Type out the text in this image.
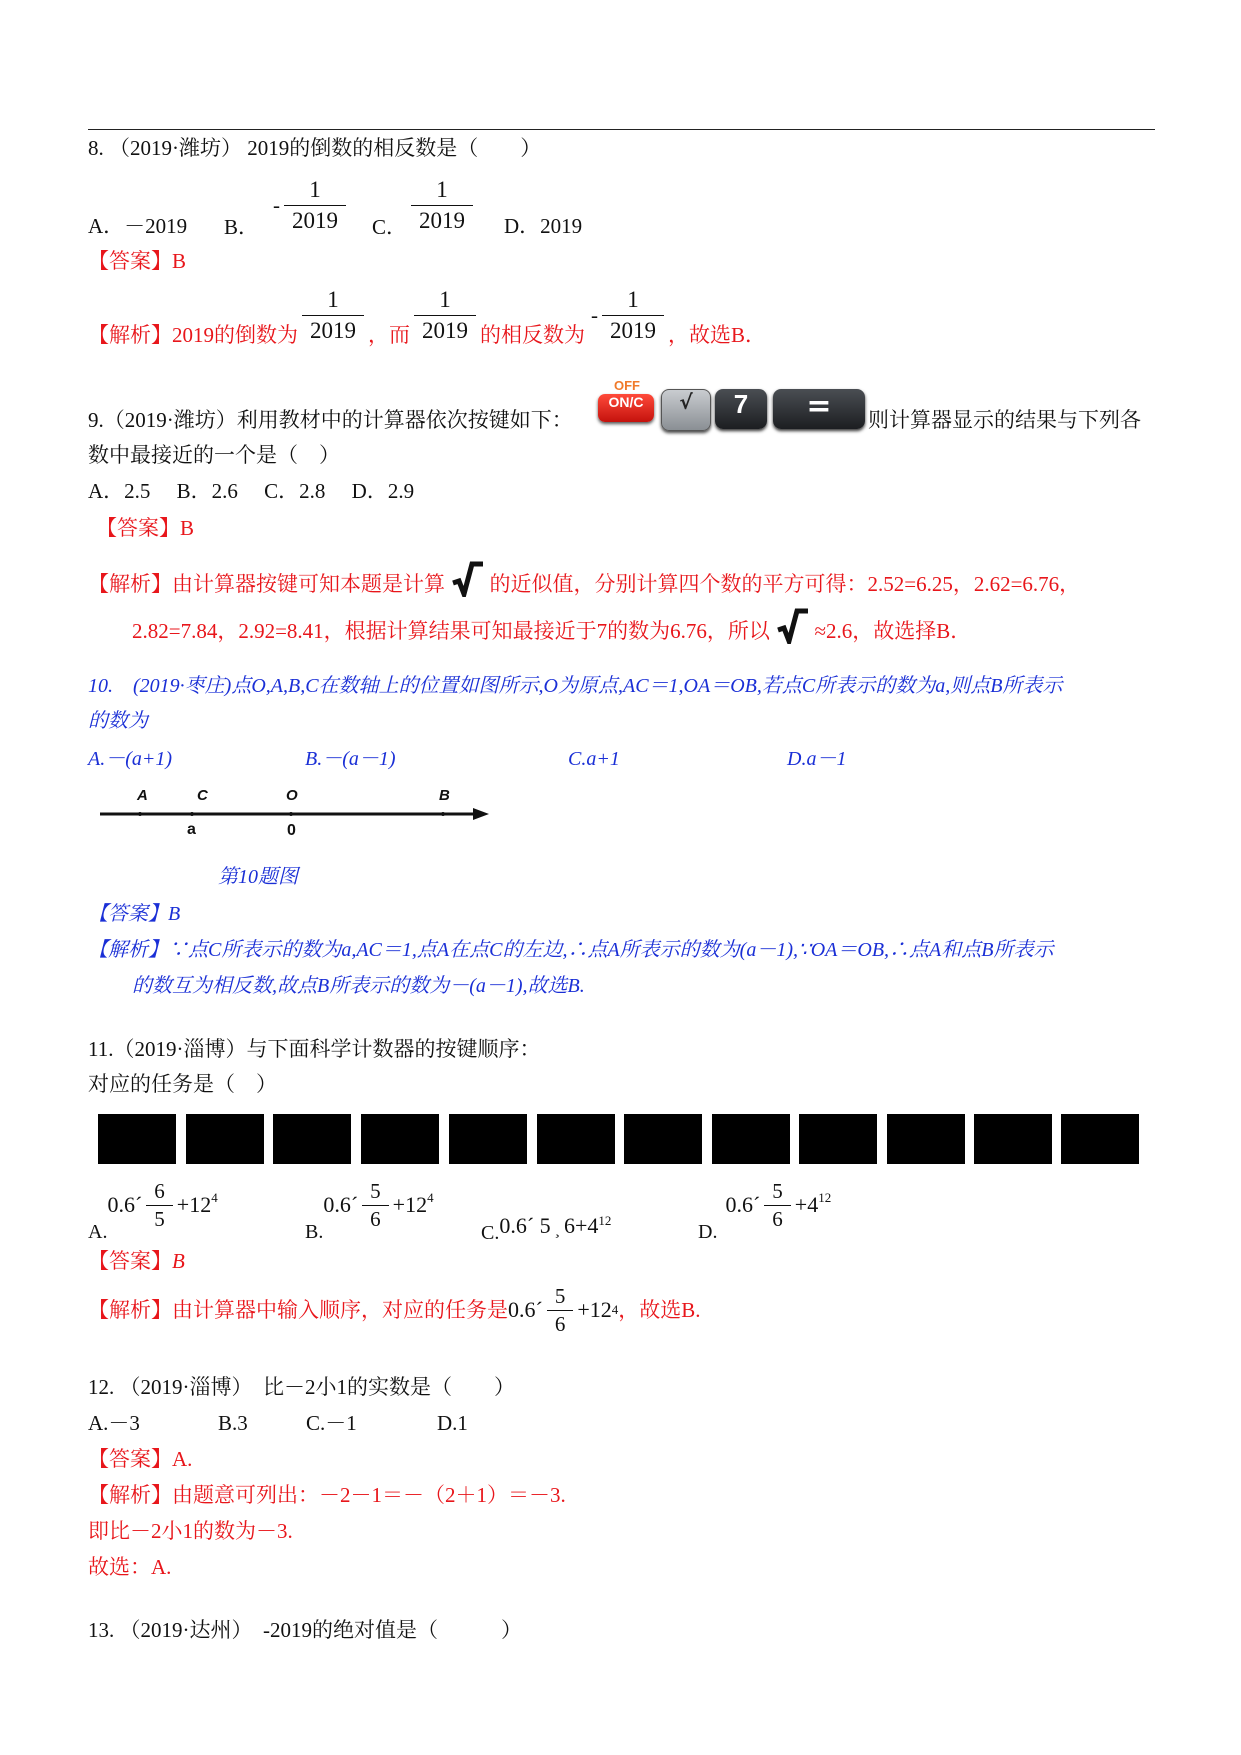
8. （2019·潍坊） 2019的倒数的相反数是（　　）
A．－2019 B．
- $\frac{1}{2019}$ C． $\frac{1}{2019}$ D．2019
【答案】B
【解析】2019的倒数为 $\frac{1}{2019}$ ，而 $\frac{1}{2019}$ 的相反数为
- $\frac{1}{2019}$ ，故选B．
9.（2019·潍坊）利用教材中的计算器依次按键如下：
OFF
ON/C	√	7	=	则计算器显示的结果与下列各
数中最接近的一个是（　）
A．2.5　 B．2.6　 C．2.8　 D．2.9
【答案】B
【解析】由计算器按键可知本题是计算 的近似值，分别计算四个数的平方可得：2.52=6.25，2.62=6.76，
2.82=7.84，2.92=8.41，根据计算结果可知最接近于7的数为6.76，所以 ≈2.6，故选择B．
10.　(2019·枣庄)点O,A,B,C在数轴上的位置如图所示,O为原点,AC＝1,OA＝OB,若点C所表示的数为a,则点B所表示
的数为
A.－(a+1)	B.－(a－1)	C.a+1	D.a－1
A	C	O	B
a	0
第10题图
【答案】B
【解析】∵点C所表示的数为a,AC＝1,点A在点C的左边,∴点A所表示的数为(a－1),∵OA＝OB,∴点A和点B所表示
的数互为相反数,故点B所表示的数为－(a－1),故选B.
11.（2019·淄博）与下面科学计数器的按键顺序：
对应的任务是（　）
A.
0.6´ $\frac{6}{5} +12^4$
B.
0.6´ $\frac{5}{6} +12^4$
C. 0.6´ 5 ¸ $6+4^{12}$	D.
0.6´ $\frac{5}{6} +4^{12}$
【答案】B
【解析】由计算器中输入顺序，对应的任务是 0.6´ $\frac{5}{6} +12$ 4 ，故选B.
12. （2019·淄博）　比－2小1的实数是（　　）
A.－3	B.3	C.－1	D.1
【答案】A.
【解析】由题意可列出：－2－1＝－（2＋1）＝－3.
即比－2小1的数为－3.
故选：A.
13. （2019·达州）　-2019的绝对值是（　　　）
